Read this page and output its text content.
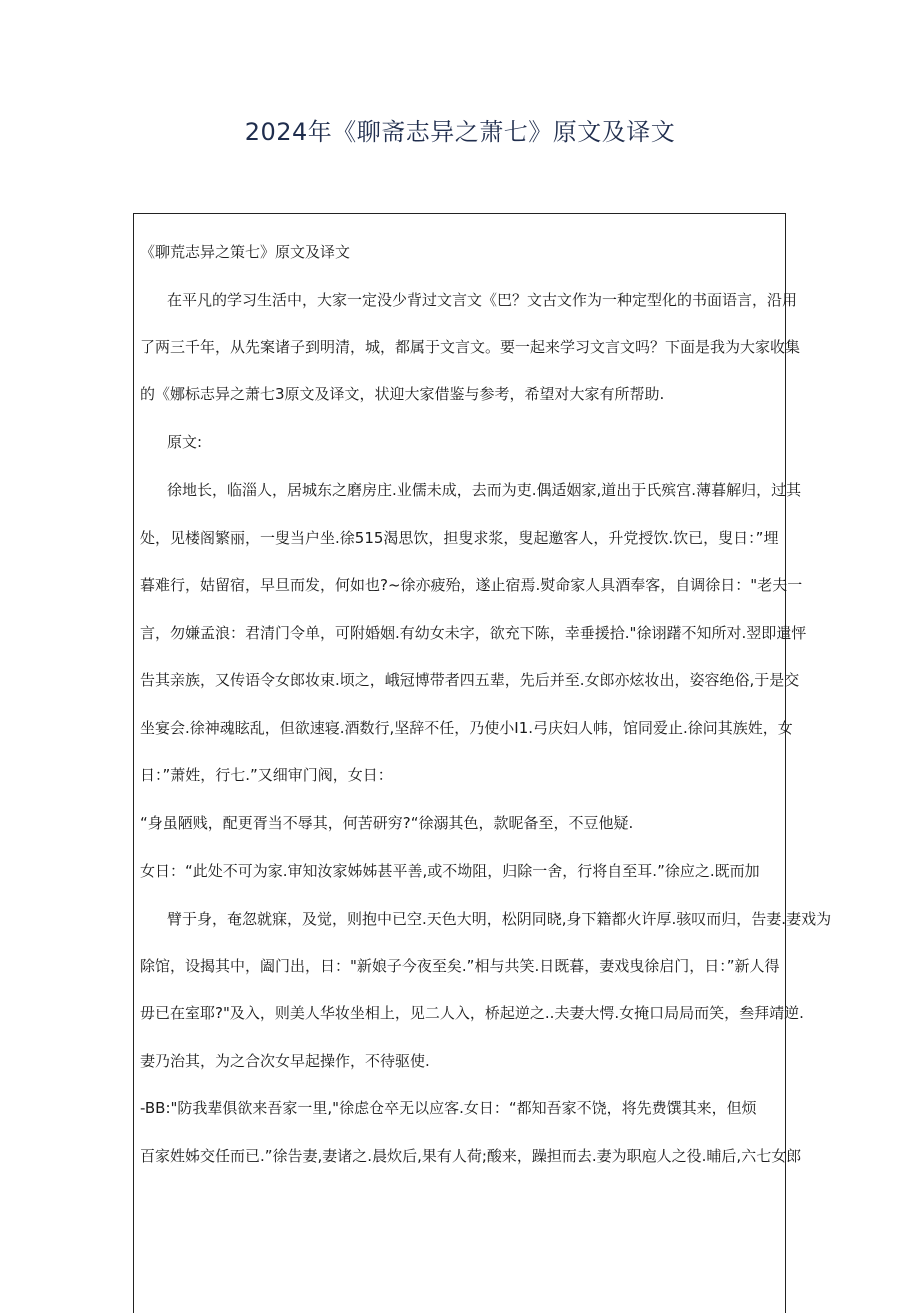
2024年《聊斋志异之萧七》原文及译文
《聊荒志异之策七》原文及译文
在平凡的学习生活中，大家一定没少背过文言文《巴？文古文作为一种定型化的书面语言，沿用
了两三千年，从先案诸子到明清，城，都属于文言文。要一起来学习文言文吗？下面是我为大家收集
的《娜标志异之萧七3原文及译文，状迎大家借鉴与参考，希望对大家有所帮助.
原文:
徐地长，临淄人，居城东之磨房庄.业儒未成，去而为吏.偶适姻家,道出于氏殡宫.薄暮解归，过其
处，见楼阁繁丽，一叟当户坐.徐515渴思饮，担叟求浆，叟起邀客人，升党授饮.饮已，叟日：”埋
暮难行，姑留宿，早旦而发，何如也?~徐亦疲殆，遂止宿焉.熨命家人具酒奉客，自调徐日："老夫一
言，勿嫌孟浪：君清门令单，可附婚姻.有幼女未字，欲充下陈，幸垂援拾."徐诩躇不知所对.翌即遣怦
告其亲族，又传语令女郎妆束.顷之，峨冠博带者四五辈，先后并至.女郎亦炫妆出，姿容绝俗,于是交
坐宴会.徐神魂眩乱，但欲速寝.酒数行,坚辞不任，乃使小I1.弓庆妇人帏，馆同爱止.徐问其族姓，女
日：”萧姓，行七.”又细审门阀，女日：
“身虽陋贱，配更胥当不辱其，何苦研穷?“徐溺其色，款昵备至，不豆他疑.
女日：“此处不可为家.审知汝家姊姊甚平善,或不坳阻，归除一舍，行将自至耳.”徐应之.既而加
臂于身，奄忽就寐，及觉，则抱中已空.天色大明，松阴同晓,身下籍都火许厚.骇叹而归，告妻.妻戏为
除馆，设揭其中，阖门出，日："新娘子今夜至矣.”相与共笑.日既暮，妻戏曳徐启门，日：”新人得
毋已在室耶?"及入，则美人华妆坐相上，见二人入，桥起逆之..夫妻大愕.女掩口局局而笑，叁拜靖逆.
妻乃治其，为之合次女早起操作，不待驱使.
-BB:"防我辈俱欲来吾家一里,"徐虑仓卒无以应客.女日：“都知吾家不饶，将先费馔其来，但烦
百家姓姊交任而已.”徐告妻,妻诸之.晨炊后,果有人荷;酸来，躁担而去.妻为职庖人之役.晡后,六七女郎
